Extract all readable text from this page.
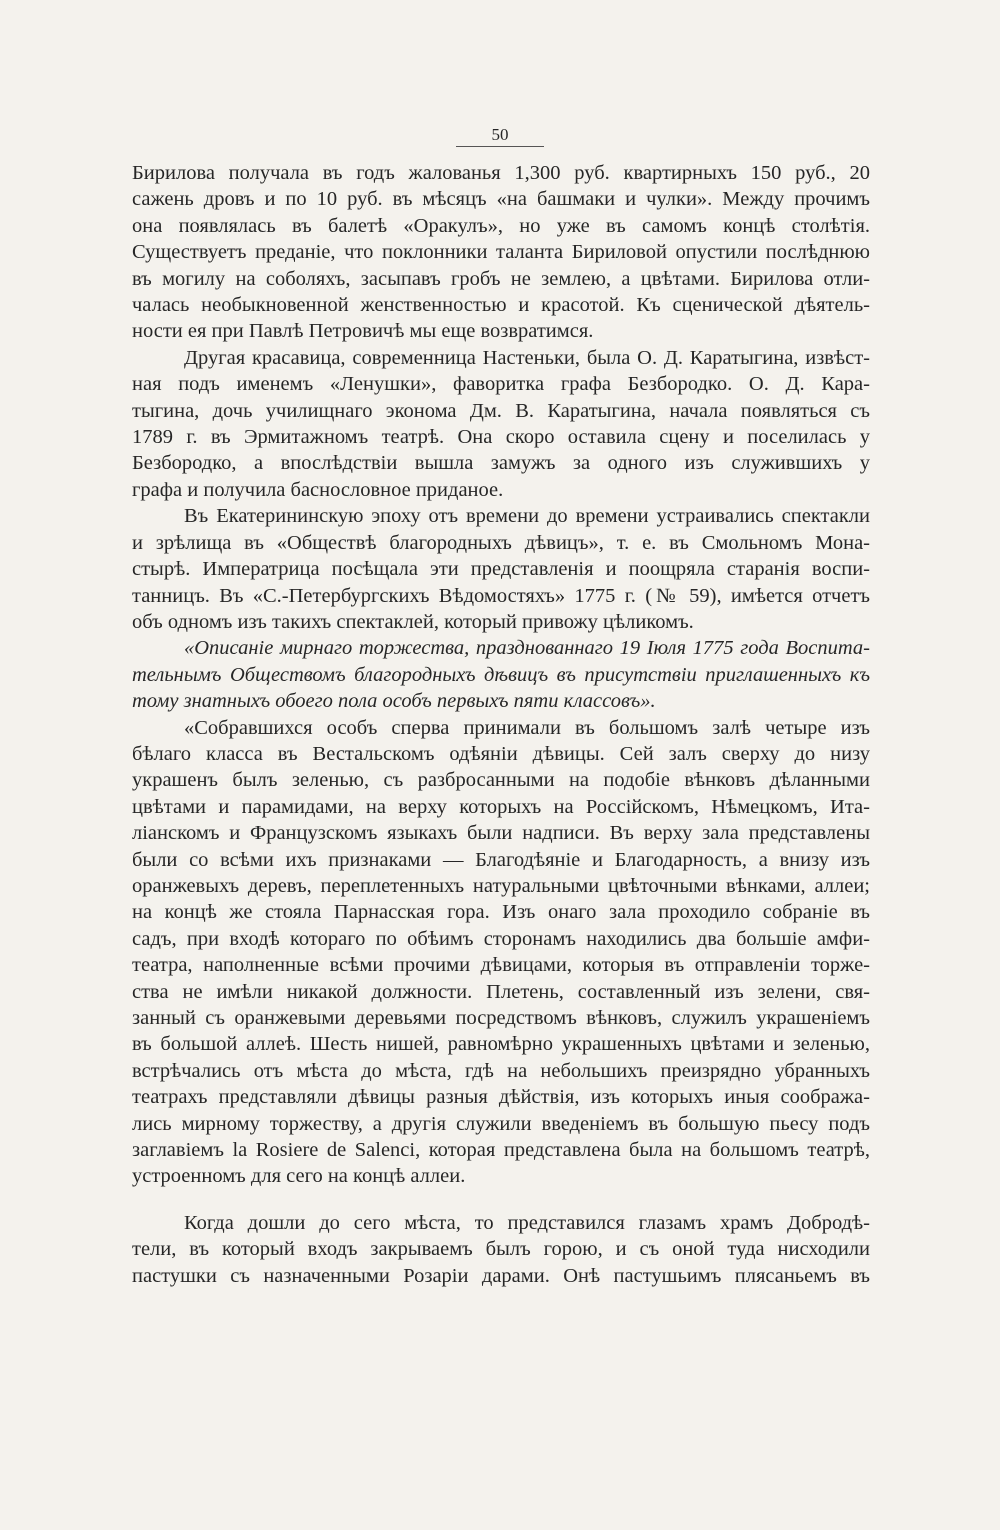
50

Бирилова получала въ годъ жалованья 1,300 руб. квартирныхъ 150 руб., 20
сажень дровъ и по 10 руб. въ мѣсяцъ «на башмаки и чулки». Между прочимъ
она появлялась въ балетѣ «Оракулъ», но уже въ самомъ концѣ столѣтія.
Существуетъ преданіе, что поклонники таланта Бириловой опустили послѣднюю
въ могилу на соболяхъ, засыпавъ гробъ не землею, а цвѣтами. Бирилова отли-
чалась необыкновенной женственностью и красотой. Къ сценической дѣятель-
ности ея при Павлѣ Петровичѣ мы еще возвратимся.

Другая красавица, современница Настеньки, была О. Д. Каратыгина, извѣст-
ная подъ именемъ «Ленушки», фаворитка графа Безбородко. О. Д. Кара-
тыгина, дочь училищнаго эконома Дм. В. Каратыгина, начала появляться съ
1789 г. въ Эрмитажномъ театрѣ. Она скоро оставила сцену и поселилась у
Безбородко, а впослѣдствіи вышла замужъ за одного изъ служившихъ у
графа и получила баснословное приданое.

Въ Екатерининскую эпоху отъ времени до времени устраивались спектакли
и зрѣлища въ «Обществѣ благородныхъ дѣвицъ», т. е. въ Смольномъ Мона-
стырѣ. Императрица посѣщала эти представленія и поощряла старанія воспи-
танницъ. Въ «С.-Петербургскихъ Вѣдомостяхъ» 1775 г. (№ 59), имѣется отчетъ
объ одномъ изъ такихъ спектаклей, который привожу цѣликомъ.

«Описаніе мирнаго торжества, празднованнаго 19 Іюля 1775 года Воспита-
тельнымъ Обществомъ благородныхъ дѣвицъ въ присутствіи приглашенныхъ къ
тому знатныхъ обоего пола особъ первыхъ пяти классовъ».

«Собравшихся особъ сперва принимали въ большомъ залѣ четыре изъ
бѣлаго класса въ Вестальскомъ одѣяніи дѣвицы. Сей залъ сверху до низу
украшенъ былъ зеленью, съ разбросанными на подобіе вѣнковъ дѣланными
цвѣтами и парамидами, на верху которыхъ на Россійскомъ, Нѣмецкомъ, Ита-
ліанскомъ и Французскомъ языкахъ были надписи. Въ верху зала представлены
были со всѣми ихъ признаками — Благодѣяніе и Благодарность, а внизу изъ
оранжевыхъ деревъ, переплетенныхъ натуральными цвѣточными вѣнками, аллеи;
на концѣ же стояла Парнасская гора. Изъ онаго зала проходило собраніе въ
садъ, при входѣ котораго по обѣимъ сторонамъ находились два большіе амфи-
театра, наполненные всѣми прочими дѣвицами, которыя въ отправленіи торже-
ства не имѣли никакой должности. Плетень, составленный изъ зелени, свя-
занный съ оранжевыми деревьями посредствомъ вѣнковъ, служилъ украшеніемъ
въ большой аллеѣ. Шесть нишей, равномѣрно украшенныхъ цвѣтами и зеленью,
встрѣчались отъ мѣста до мѣста, гдѣ на небольшихъ преизрядно убранныхъ
театрахъ представляли дѣвицы разныя дѣйствія, изъ которыхъ иныя соображa-
лись мирному торжеству, а другія служили введеніемъ въ большую пьесу подъ
заглавіемъ la Rosiere de Salenci, которая представлена была на большомъ театрѣ,
устроенномъ для сего на концѣ аллеи.

Когда дошли до сего мѣста, то представился глазамъ храмъ Добродѣ-
тели, въ который входъ закрываемъ былъ горою, и съ оной туда нисходили
пастушки съ назначенными Розаріи дарами. Онѣ пастушьимъ плясаньемъ въ
